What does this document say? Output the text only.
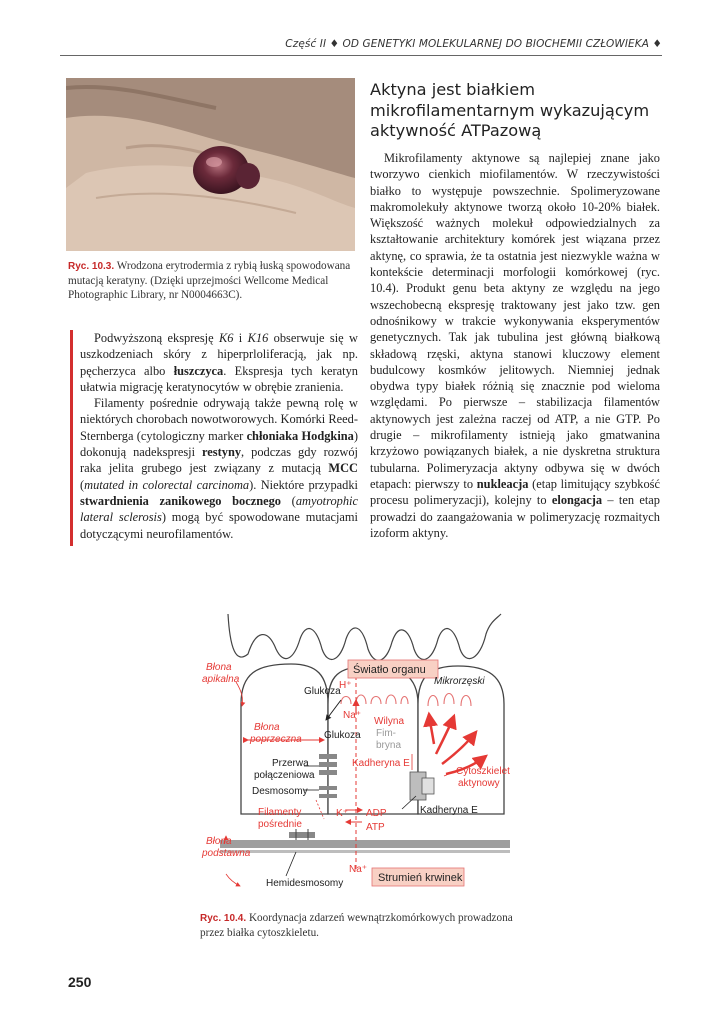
Część II ♦ OD GENETYKI MOLEKULARNEJ DO BIOCHEMII CZŁOWIEKA ♦
Ryc. 10.3. Wrodzona erytrodermia z rybią łuską spowodowana mutacją keratyny. (Dzięki uprzejmości Wellcome Medical Photographic Library, nr N0004663C).
Aktyna jest białkiem mikrofilamentarnym wykazującym aktywność ATPazową

Mikrofilamenty aktynowe są najlepiej znane jako tworzywo cienkich miofilamentów. W rzeczywistości białko to występuje powszechnie. Spolimeryzowane makromolekuły aktynowe tworzą około 10-20% białek. Większość ważnych molekuł odpowiedzialnych za kształtowanie architektury komórek jest wiązana przez aktynę, co sprawia, że ta ostatnia jest niezwykle ważna w kontekście determinacji morfologii komórkowej (ryc. 10.4). Produkt genu beta aktyny ze względu na jego wszechobecną ekspresję traktowany jest jako tzw. gen odnośnikowy w trakcie wykonywania eksperymentów genetycznych. Tak jak tubulina jest główną białkową składową rzęski, aktyna stanowi kluczowy element budulcowy kosmków jelitowych. Niemniej jednak obydwa typy białek różnią się znacznie pod wieloma względami. Po pierwsze – stabilizacja filamentów aktynowych jest zależna raczej od ATP, a nie GTP. Po drugie – mikrofilamenty istnieją jako gmatwanina krzyżowo powiązanych białek, a nie dyskretna struktura tubularna. Polimeryzacja aktyny odbywa się w dwóch etapach: pierwszy to nukleacja (etap limitujący szybkość procesu polimeryzacji), kolejny to elongacja – ten etap prowadzi do zaangażowania w polimeryzację rozmaitych izoform aktyny.

Podwyższoną ekspresję K6 i K16 obserwuje się w uszkodzeniach skóry z hiperprloliferacją, jak np. pęcherzyca albo łuszczyca. Ekspresja tych keratyn ułatwia migrację keratynocytów w obrębie zranienia.

Filamenty pośrednie odrywają także pewną rolę w niektórych chorobach nowotworowych. Komórki Reed-Sternberga (cytologiczny marker chłoniaka Hodgkina) dokonują nadekspresji restyny, podczas gdy rozwój raka jelita grubego jest związany z mutacją MCC (mutated in colorectal carcinoma). Niektóre przypadki stwardnienia zanikowego bocznego (amyotrophic lateral sclerosis) mogą być spowodowane mutacjami dotyczącymi neurofilamentów.

Błona
apikalna
Błona
poprzeczna
Błona
podstawna
Światło organu
Strumień krwinek
Mikrorzęski
Glukoza
Glukoza
H⁺
Na⁺
Na⁺
K⁺ ADP
ATP
Wilyna
Fim-
bryna
Kadheryna E
Kadheryna E
Przerwa
połączeniowa
Desmosomy
Filamenty
pośrednie
Cytoszkielet
aktynowy
Hemidesmosomy
Ryc. 10.4. Koordynacja zdarzeń wewnątrzkomórkowych prowadzona przez białka cytoszkieletu.
250
